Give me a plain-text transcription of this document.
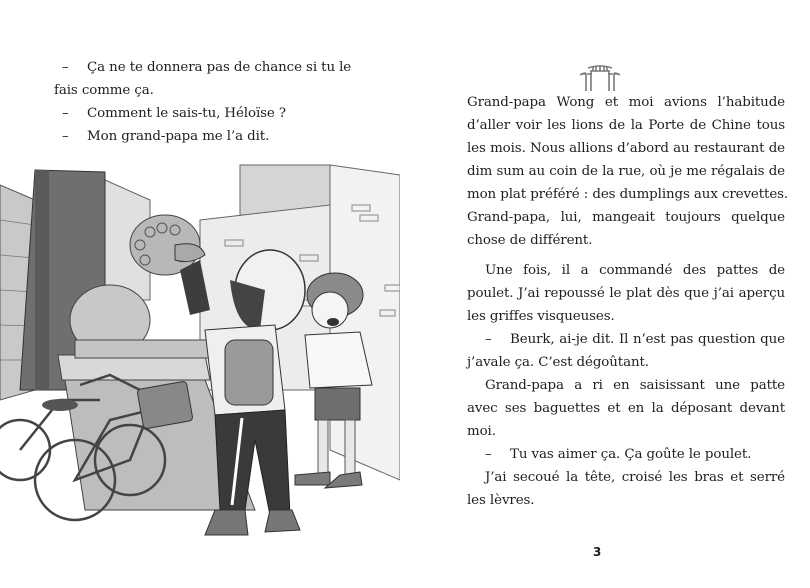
– Ça ne te donnera pas de chance si tu le
fais comme ça.
– Comment le sais-tu, Héloïse ?
– Mon grand-papa me l’a dit.
Grand-papa Wong et moi avions l’habitude
d’aller voir les lions de la Porte de Chine tous
les mois. Nous allions d’abord au restaurant de
dim sum au coin de la rue, où je me régalais de
mon plat préféré : des dumplings aux crevettes.
Grand-papa, lui, mangeait toujours quelque
chose de différent.
Une fois, il a commandé des pattes de
poulet. J’ai repoussé le plat dès que j’ai aperçu
les griffes visqueuses.
–	Beurk, ai-je dit. Il n’est pas question que
j’avale ça. C’est dégoûtant.
Grand-papa a ri en saisissant une patte
avec ses baguettes et en la déposant devant
moi.
– Tu vas aimer ça. Ça goûte le poulet.
J’ai secoué la tête, croisé les bras et serré
les lèvres.
3
